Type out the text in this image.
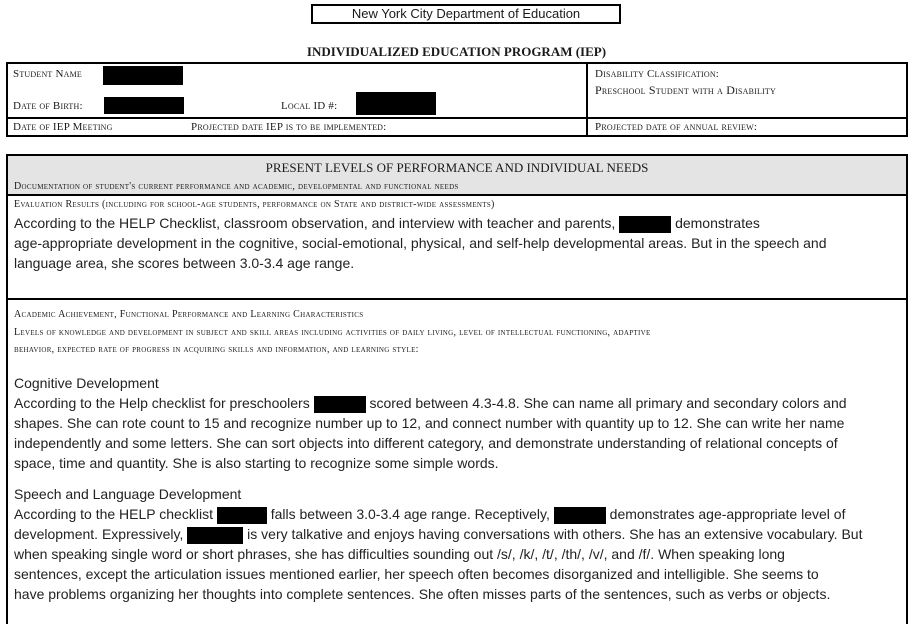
New York City Department of Education
INDIVIDUALIZED EDUCATION PROGRAM (IEP)
Student Name
Date of Birth:	Local ID #:
Disability Classification:
Preschool Student with a Disability
Date of IEP Meeting	Projected date IEP is to be implemented:	Projected date of annual review:
PRESENT LEVELS OF PERFORMANCE AND INDIVIDUAL NEEDS
Documentation of student's current performance and academic, developmental and functional needs
Evaluation Results (including for school-age students, performance on State and district-wide assessments)
According to the HELP Checklist, classroom observation, and interview with teacher and parents,	demonstrates
age-appropriate development in the cognitive, social-emotional, physical, and self-help developmental areas. But in the speech and
language area, she scores between 3.0-3.4 age range.
Academic Achievement, Functional Performance and Learning Characteristics
Levels of knowledge and development in subject and skill areas including activities of daily living, level of intellectual functioning, adaptive
behavior, expected rate of progress in acquiring skills and information, and learning style:
Cognitive Development
According to the Help checklist for preschoolers	scored between 4.3-4.8. She can name all primary and secondary colors and
shapes. She can rote count to 15 and recognize number up to 12, and connect number with quantity up to 12. She can write her name
independently and some letters. She can sort objects into different category, and demonstrate understanding of relational concepts of
space, time and quantity. She is also starting to recognize some simple words.
Speech and Language Development
According to the HELP checklist	falls between 3.0-3.4 age range. Receptively,	demonstrates age-appropriate level of
development. Expressively,	is very talkative and enjoys having conversations with others. She has an extensive vocabulary. But
when speaking single word or short phrases, she has difficulties sounding out /s/, /k/, /t/, /th/, /v/, and /f/. When speaking long
sentences, except the articulation issues mentioned earlier, her speech often becomes disorganized and intelligible. She seems to
have problems organizing her thoughts into complete sentences. She often misses parts of the sentences, such as verbs or objects.
